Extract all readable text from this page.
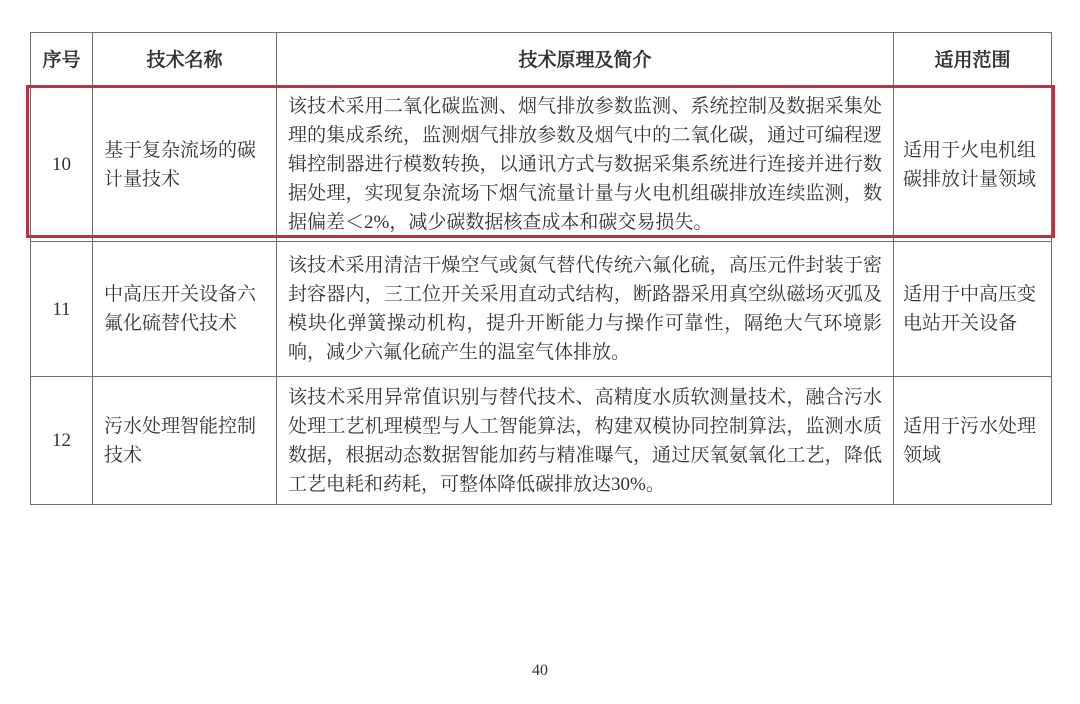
序号	技术名称	技术原理及简介	适用范围
10	基于复杂流场的碳计量技术	该技术采用二氧化碳监测、烟气排放参数监测、系统控制及数据采集处理的集成系统，监测烟气排放参数及烟气中的二氧化碳，通过可编程逻辑控制器进行模数转换，以通讯方式与数据采集系统进行连接并进行数据处理，实现复杂流场下烟气流量计量与火电机组碳排放连续监测，数据偏差＜2%，减少碳数据核查成本和碳交易损失。	适用于火电机组碳排放计量领域
11	中高压开关设备六氟化硫替代技术	该技术采用清洁干燥空气或氮气替代传统六氟化硫，高压元件封装于密封容器内，三工位开关采用直动式结构，断路器采用真空纵磁场灭弧及模块化弹簧操动机构，提升开断能力与操作可靠性，隔绝大气环境影响，减少六氟化硫产生的温室气体排放。	适用于中高压变电站开关设备
12	污水处理智能控制技术	该技术采用异常值识别与替代技术、高精度水质软测量技术，融合污水处理工艺机理模型与人工智能算法，构建双模协同控制算法，监测水质数据，根据动态数据智能加药与精准曝气，通过厌氧氨氧化工艺，降低工艺电耗和药耗，可整体降低碳排放达30%。	适用于污水处理领域
40
